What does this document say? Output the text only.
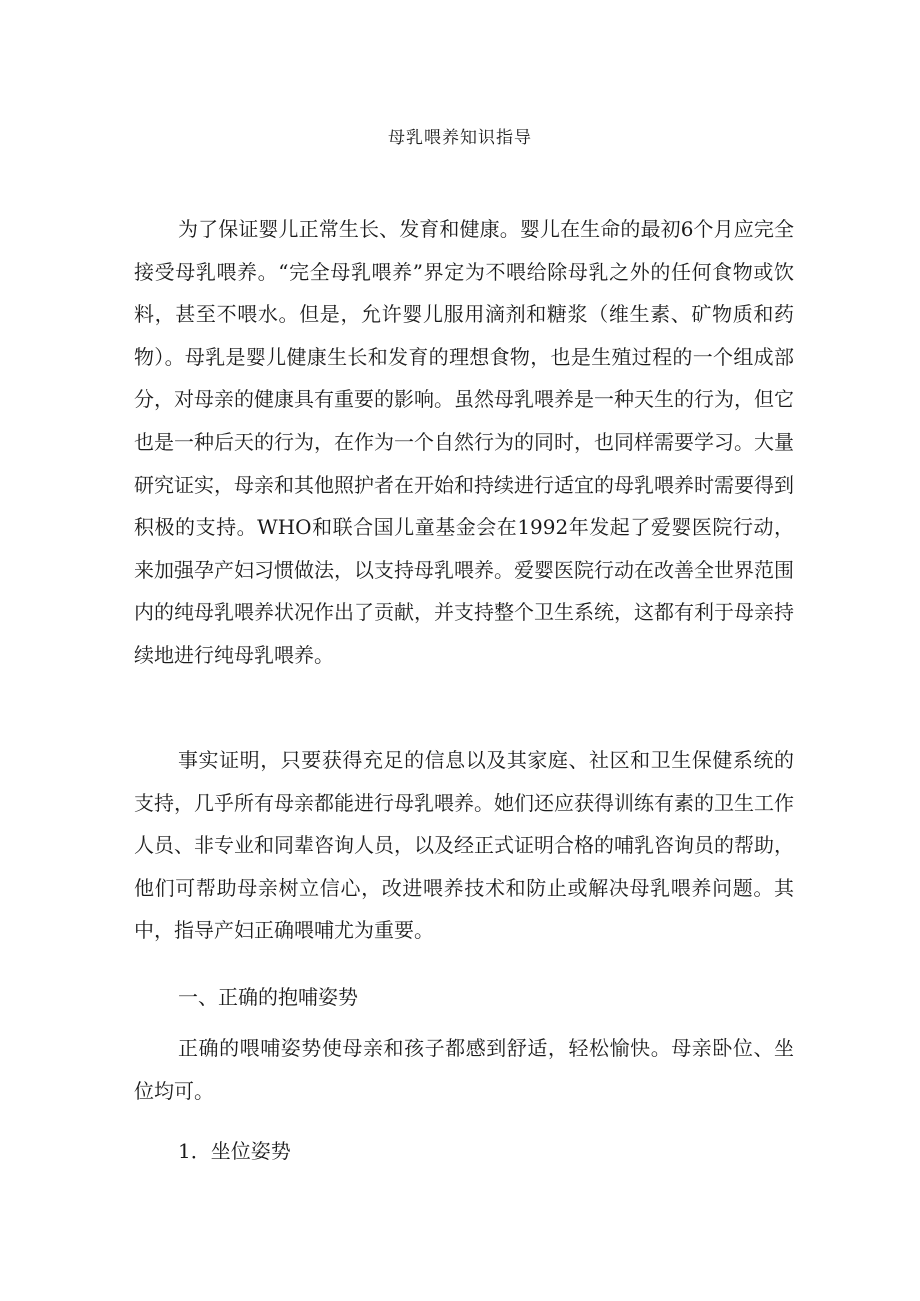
母乳喂养知识指导

为了保证婴儿正常生长、发育和健康。婴儿在生命的最初6个月应完全接受母乳喂养。“完全母乳喂养”界定为不喂给除母乳之外的任何食物或饮料，甚至不喂水。但是，允许婴儿服用滴剂和糖浆（维生素、矿物质和药物）。母乳是婴儿健康生长和发育的理想食物，也是生殖过程的一个组成部分，对母亲的健康具有重要的影响。虽然母乳喂养是一种天生的行为，但它也是一种后天的行为，在作为一个自然行为的同时，也同样需要学习。大量研究证实，母亲和其他照护者在开始和持续进行适宜的母乳喂养时需要得到积极的支持。WHO和联合国儿童基金会在1992年发起了爱婴医院行动，来加强孕产妇习惯做法，以支持母乳喂养。爱婴医院行动在改善全世界范围内的纯母乳喂养状况作出了贡献，并支持整个卫生系统，这都有利于母亲持续地进行纯母乳喂养。

事实证明，只要获得充足的信息以及其家庭、社区和卫生保健系统的支持，几乎所有母亲都能进行母乳喂养。她们还应获得训练有素的卫生工作人员、非专业和同辈咨询人员，以及经正式证明合格的哺乳咨询员的帮助，他们可帮助母亲树立信心，改进喂养技术和防止或解决母乳喂养问题。其中，指导产妇正确喂哺尤为重要。

一、正确的抱哺姿势

正确的喂哺姿势使母亲和孩子都感到舒适，轻松愉快。母亲卧位、坐位均可。

1．坐位姿势
